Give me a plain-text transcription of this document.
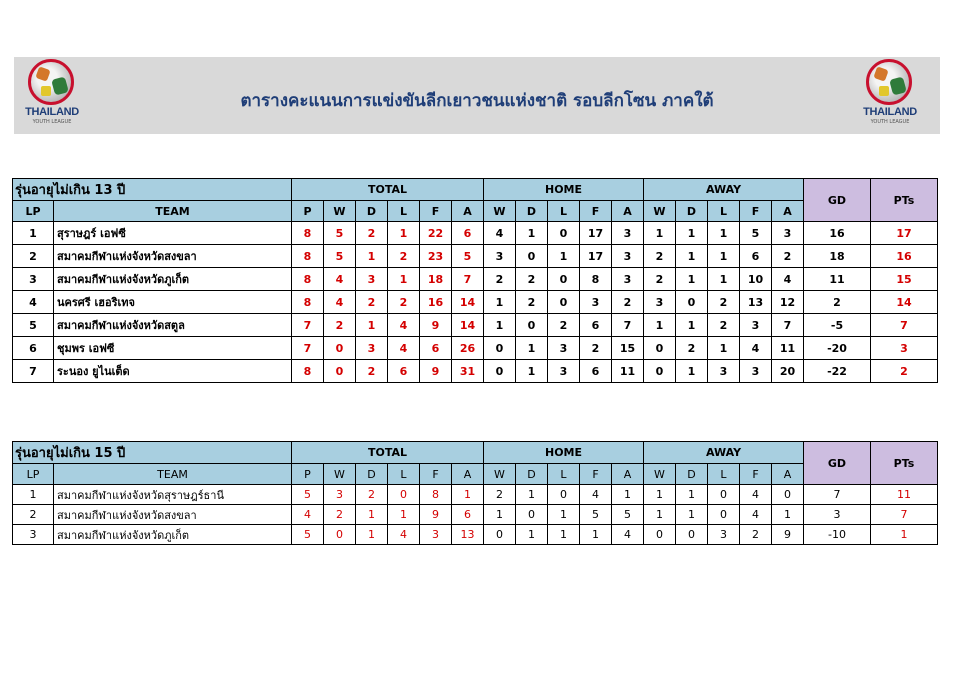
THAILAND
YOUTH LEAGUE
ตารางคะแนนการแข่งขันลีกเยาวชนแห่งชาติ รอบลีกโซน ภาคใต้
THAILAND
YOUTH LEAGUE
รุ่นอายุไม่เกิน 13 ปี		TOTAL						HOME					AWAY					GD	PTs
LP	TEAM	P	W	D	L	F	A	W	D	L	F	A	W	D	L	F	A		
1	สุราษฎร์ เอฟซี	8	5	2	1	22	6	4	1	0	17	3	1	1	1	5	3	16	17
2	สมาคมกีฬาแห่งจังหวัดสงขลา	8	5	1	2	23	5	3	0	1	17	3	2	1	1	6	2	18	16
3	สมาคมกีฬาแห่งจังหวัดภูเก็ต	8	4	3	1	18	7	2	2	0	8	3	2	1	1	10	4	11	15
4	นครศรี เฮอริเทจ	8	4	2	2	16	14	1	2	0	3	2	3	0	2	13	12	2	14
5	สมาคมกีฬาแห่งจังหวัดสตูล	7	2	1	4	9	14	1	0	2	6	7	1	1	2	3	7	-5	7
6	ชุมพร เอฟซี	7	0	3	4	6	26	0	1	3	2	15	0	2	1	4	11	-20	3
7	ระนอง ยูไนเต็ด	8	0	2	6	9	31	0	1	3	6	11	0	1	3	3	20	-22	2
รุ่นอายุไม่เกิน 15 ปี		TOTAL						HOME					AWAY					GD	PTs
LP	TEAM	P	W	D	L	F	A	W	D	L	F	A	W	D	L	F	A		
1	สมาคมกีฬาแห่งจังหวัดสุราษฎร์ธานี	5	3	2	0	8	1	2	1	0	4	1	1	1	0	4	0	7	11
2	สมาคมกีฬาแห่งจังหวัดสงขลา	4	2	1	1	9	6	1	0	1	5	5	1	1	0	4	1	3	7
3	สมาคมกีฬาแห่งจังหวัดภูเก็ต	5	0	1	4	3	13	0	1	1	1	4	0	0	3	2	9	-10	1
